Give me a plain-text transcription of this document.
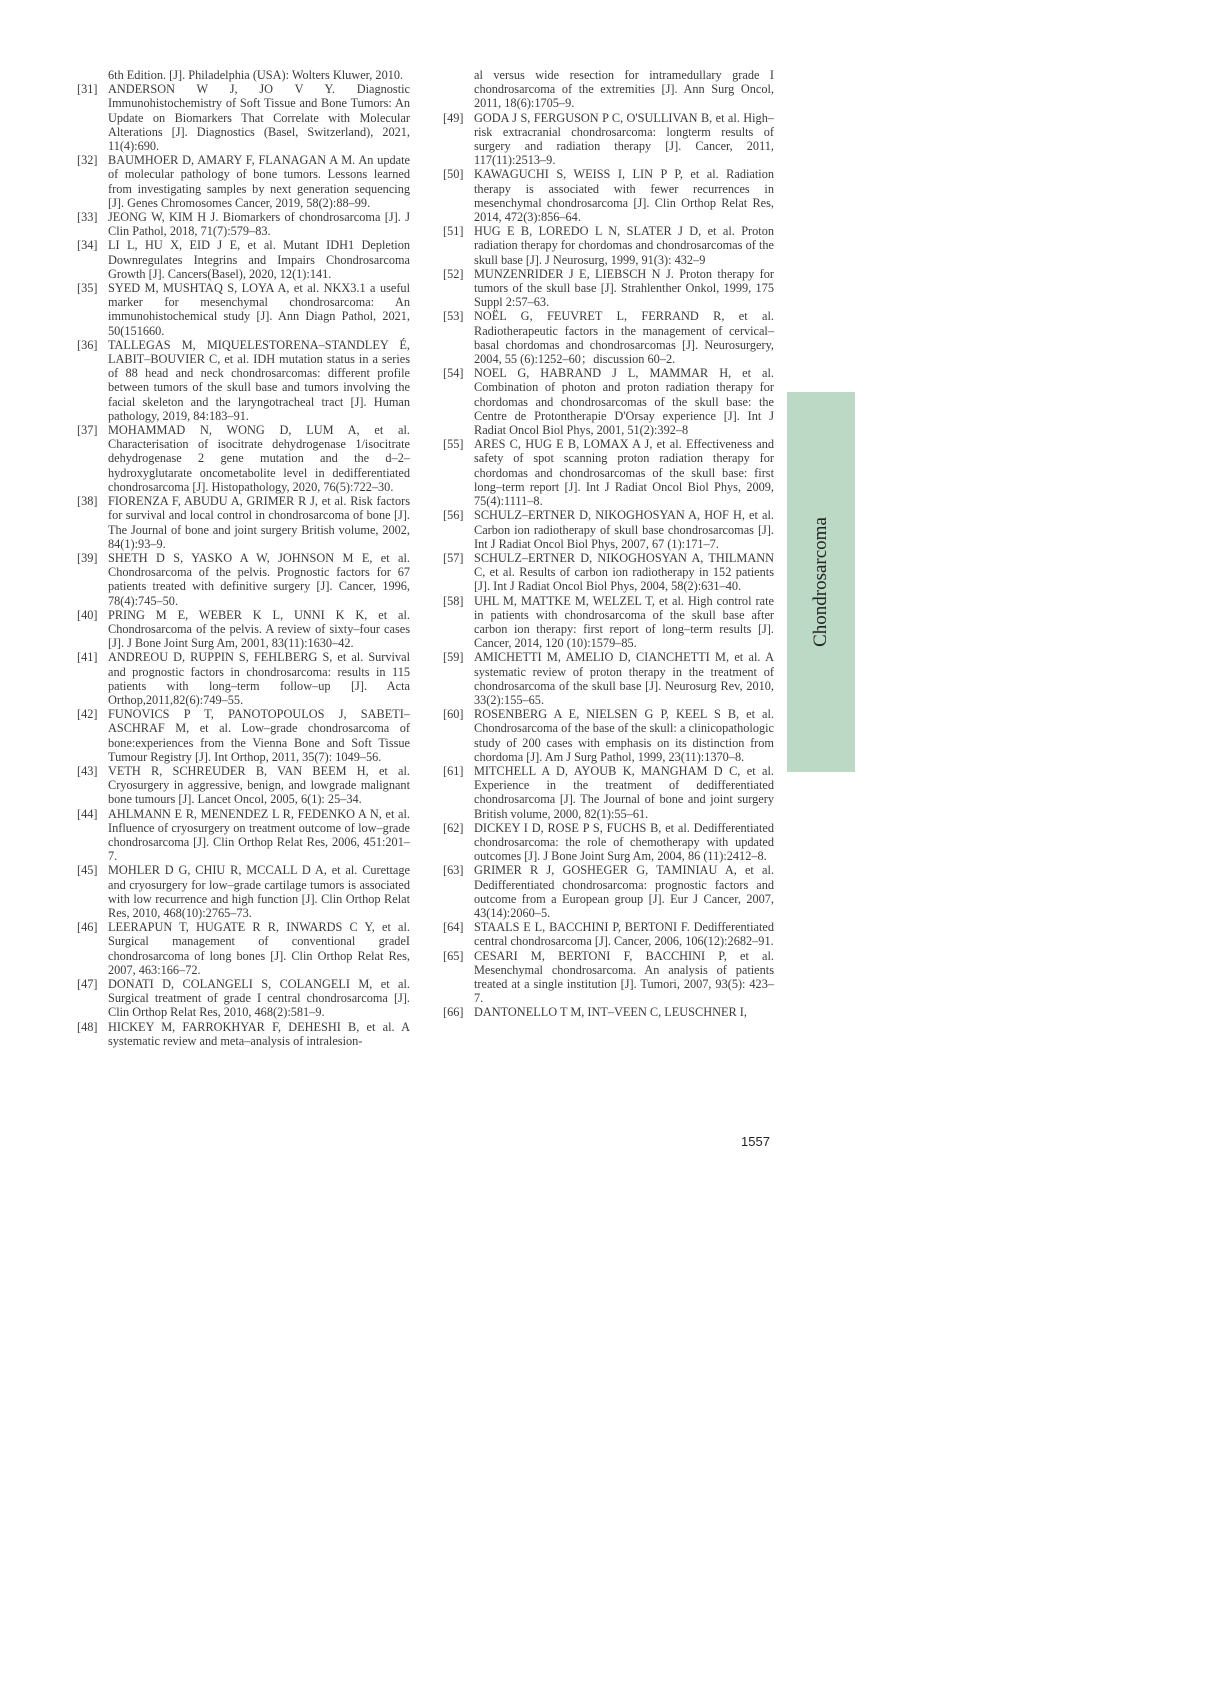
6th Edition. [J]. Philadelphia (USA): Wolters Kluwer, 2010.

[31] ANDERSON W J, JO V Y. Diagnostic Immunohistochemistry of Soft Tissue and Bone Tumors: An Update on Biomarkers That Correlate with Molecular Alterations [J]. Diagnostics (Basel, Switzerland), 2021, 11(4):690.

[32] BAUMHOER D, AMARY F, FLANAGAN A M. An update of molecular pathology of bone tumors. Lessons learned from investigating samples by next generation sequencing [J]. Genes Chromosomes Cancer, 2019, 58(2):88–99.

[33] JEONG W, KIM H J. Biomarkers of chondrosarcoma [J]. J Clin Pathol, 2018, 71(7):579–83.

[34] LI L, HU X, EID J E, et al. Mutant IDH1 Depletion Downregulates Integrins and Impairs Chondrosarcoma Growth [J]. Cancers(Basel), 2020, 12(1):141.

[35] SYED M, MUSHTAQ S, LOYA A, et al. NKX3.1 a useful marker for mesenchymal chondrosarcoma: An immunohistochemical study [J]. Ann Diagn Pathol, 2021, 50(151660.

[36] TALLEGAS M, MIQUELESTORENA–STANDLEY É, LABIT–BOUVIER C, et al. IDH mutation status in a series of 88 head and neck chondrosarcomas: different profile between tumors of the skull base and tumors involving the facial skeleton and the laryngotracheal tract [J]. Human pathology, 2019, 84:183–91.

[37] MOHAMMAD N, WONG D, LUM A, et al. Characterisation of isocitrate dehydrogenase 1/isocitrate dehydrogenase 2 gene mutation and the d–2–hydroxyglutarate oncometabolite level in dedifferentiated chondrosarcoma [J]. Histopathology, 2020, 76(5):722–30.

[38] FIORENZA F, ABUDU A, GRIMER R J, et al. Risk factors for survival and local control in chondrosarcoma of bone [J]. The Journal of bone and joint surgery British volume, 2002, 84(1):93–9.

[39] SHETH D S, YASKO A W, JOHNSON M E, et al. Chondrosarcoma of the pelvis. Prognostic factors for 67 patients treated with definitive surgery [J]. Cancer, 1996, 78(4):745–50.

[40] PRING M E, WEBER K L, UNNI K K, et al. Chondrosarcoma of the pelvis. A review of sixty–four cases [J]. J Bone Joint Surg Am, 2001, 83(11):1630–42.

[41] ANDREOU D, RUPPIN S, FEHLBERG S, et al. Survival and prognostic factors in chondrosarcoma: results in 115 patients with long–term follow–up [J]. Acta Orthop,2011,82(6):749–55.

[42] FUNOVICS P T, PANOTOPOULOS J, SABETI–ASCHRAF M, et al. Low–grade chondrosarcoma of bone:experiences from the Vienna Bone and Soft Tissue Tumour Registry [J]. Int Orthop, 2011, 35(7): 1049–56.

[43] VETH R, SCHREUDER B, VAN BEEM H, et al. Cryosurgery in aggressive, benign, and lowgrade malignant bone tumours [J]. Lancet Oncol, 2005, 6(1): 25–34.

[44] AHLMANN E R, MENENDEZ L R, FEDENKO A N, et al. Influence of cryosurgery on treatment outcome of low–grade chondrosarcoma [J]. Clin Orthop Relat Res, 2006, 451:201–7.

[45] MOHLER D G, CHIU R, MCCALL D A, et al. Curettage and cryosurgery for low–grade cartilage tumors is associated with low recurrence and high function [J]. Clin Orthop Relat Res, 2010, 468(10):2765–73.

[46] LEERAPUN T, HUGATE R R, INWARDS C Y, et al. Surgical management of conventional gradeI chondrosarcoma of long bones [J]. Clin Orthop Relat Res, 2007, 463:166–72.

[47] DONATI D, COLANGELI S, COLANGELI M, et al. Surgical treatment of grade I central chondrosarcoma [J]. Clin Orthop Relat Res, 2010, 468(2):581–9.

[48] HICKEY M, FARROKHYAR F, DEHESHI B, et al. A systematic review and meta–analysis of intralesion-

al versus wide resection for intramedullary grade I chondrosarcoma of the extremities [J]. Ann Surg Oncol, 2011, 18(6):1705–9.

[49] GODA J S, FERGUSON P C, O'SULLIVAN B, et al. High–risk extracranial chondrosarcoma: longterm results of surgery and radiation therapy [J]. Cancer, 2011, 117(11):2513–9.

[50] KAWAGUCHI S, WEISS I, LIN P P, et al. Radiation therapy is associated with fewer recurrences in mesenchymal chondrosarcoma [J]. Clin Orthop Relat Res, 2014, 472(3):856–64.

[51] HUG E B, LOREDO L N, SLATER J D, et al. Proton radiation therapy for chordomas and chondrosarcomas of the skull base [J]. J Neurosurg, 1999, 91(3): 432–9

[52] MUNZENRIDER J E, LIEBSCH N J. Proton therapy for tumors of the skull base [J]. Strahlenther Onkol, 1999, 175 Suppl 2:57–63.

[53] NOËL G, FEUVRET L, FERRAND R, et al. Radiotherapeutic factors in the management of cervical–basal chordomas and chondrosarcomas [J]. Neurosurgery, 2004, 55 (6):1252–60；discussion 60–2.

[54] NOEL G, HABRAND J L, MAMMAR H, et al. Combination of photon and proton radiation therapy for chordomas and chondrosarcomas of the skull base: the Centre de Protontherapie D'Orsay experience [J]. Int J Radiat Oncol Biol Phys, 2001, 51(2):392–8

[55] ARES C, HUG E B, LOMAX A J, et al. Effectiveness and safety of spot scanning proton radiation therapy for chordomas and chondrosarcomas of the skull base: first long–term report [J]. Int J Radiat Oncol Biol Phys, 2009, 75(4):1111–8.

[56] SCHULZ–ERTNER D, NIKOGHOSYAN A, HOF H, et al. Carbon ion radiotherapy of skull base chondrosarcomas [J]. Int J Radiat Oncol Biol Phys, 2007, 67 (1):171–7.

[57] SCHULZ–ERTNER D, NIKOGHOSYAN A, THILMANN C, et al. Results of carbon ion radiotherapy in 152 patients [J]. Int J Radiat Oncol Biol Phys, 2004, 58(2):631–40.

[58] UHL M, MATTKE M, WELZEL T, et al. High control rate in patients with chondrosarcoma of the skull base after carbon ion therapy: first report of long–term results [J]. Cancer, 2014, 120 (10):1579–85.

[59] AMICHETTI M, AMELIO D, CIANCHETTI M, et al. A systematic review of proton therapy in the treatment of chondrosarcoma of the skull base [J]. Neurosurg Rev, 2010, 33(2):155–65.

[60] ROSENBERG A E, NIELSEN G P, KEEL S B, et al. Chondrosarcoma of the base of the skull: a clinicopathologic study of 200 cases with emphasis on its distinction from chordoma [J]. Am J Surg Pathol, 1999, 23(11):1370–8.

[61] MITCHELL A D, AYOUB K, MANGHAM D C, et al. Experience in the treatment of dedifferentiated chondrosarcoma [J]. The Journal of bone and joint surgery British volume, 2000, 82(1):55–61.

[62] DICKEY I D, ROSE P S, FUCHS B, et al. Dedifferentiated chondrosarcoma: the role of chemotherapy with updated outcomes [J]. J Bone Joint Surg Am, 2004, 86 (11):2412–8.

[63] GRIMER R J, GOSHEGER G, TAMINIAU A, et al. Dedifferentiated chondrosarcoma: prognostic factors and outcome from a European group [J]. Eur J Cancer, 2007, 43(14):2060–5.

[64] STAALS E L, BACCHINI P, BERTONI F. Dedifferentiated central chondrosarcoma [J]. Cancer, 2006, 106(12):2682–91.

[65] CESARI M, BERTONI F, BACCHINI P, et al. Mesenchymal chondrosarcoma. An analysis of patients treated at a single institution [J]. Tumori, 2007, 93(5): 423–7.

[66] DANTONELLO T M, INT–VEEN C, LEUSCHNER I,

Chondrosarcoma
1557
